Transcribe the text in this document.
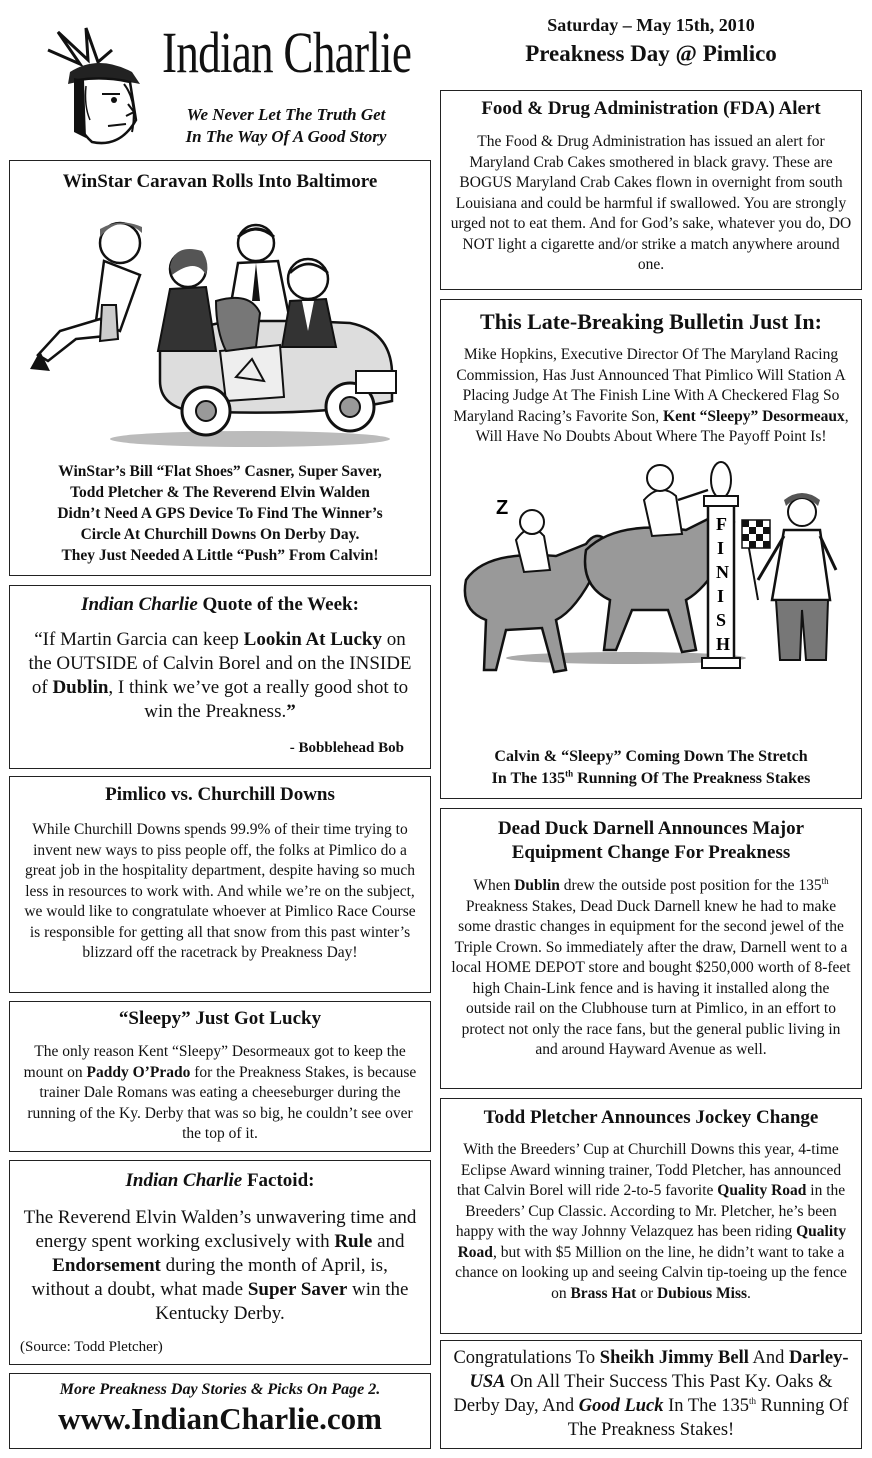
Indian Charlie
We Never Let The Truth Get
In The Way Of A Good Story
Saturday – May 15th, 2010
Preakness Day @ Pimlico
WinStar Caravan Rolls Into Baltimore
WinStar’s Bill “Flat Shoes” Casner, Super Saver,
Todd Pletcher & The Reverend Elvin Walden
Didn’t Need A GPS Device To Find The Winner’s
Circle At Churchill Downs On Derby Day.
They Just Needed A Little “Push” From Calvin!
Indian Charlie Quote of the Week:
“If Martin Garcia can keep Lookin At Lucky on the OUTSIDE of Calvin Borel and on the INSIDE of Dublin, I think we’ve got a really good shot to win the Preakness.”
- Bobblehead Bob
Pimlico vs. Churchill Downs
While Churchill Downs spends 99.9% of their time trying to invent new ways to piss people off, the folks at Pimlico do a great job in the hospitality department, despite having so much less in resources to work with. And while we’re on the subject, we would like to congratulate whoever at Pimlico Race Course is responsible for getting all that snow from this past winter’s blizzard off the racetrack by Preakness Day!
“Sleepy” Just Got Lucky
The only reason Kent “Sleepy” Desormeaux got to keep the mount on Paddy O’Prado for the Preakness Stakes, is because trainer Dale Romans was eating a cheeseburger during the running of the Ky. Derby that was so big, he couldn’t see over the top of it.
Indian Charlie Factoid:
The Reverend Elvin Walden’s unwavering time and energy spent working exclusively with Rule and Endorsement during the month of April, is, without a doubt, what made Super Saver win the Kentucky Derby.
(Source: Todd Pletcher)
More Preakness Day Stories & Picks On Page 2.
www.IndianCharlie.com
Food & Drug Administration (FDA) Alert
The Food & Drug Administration has issued an alert for Maryland Crab Cakes smothered in black gravy. These are BOGUS Maryland Crab Cakes flown in overnight from south Louisiana and could be harmful if swallowed. You are strongly urged not to eat them. And for God’s sake, whatever you do, DO NOT light a cigarette and/or strike a match anywhere around one.
This Late-Breaking Bulletin Just In:
Mike Hopkins, Executive Director Of The Maryland Racing Commission, Has Just Announced That Pimlico Will Station A Placing Judge At The Finish Line With A Checkered Flag So Maryland Racing’s Favorite Son, Kent “Sleepy” Desormeaux, Will Have No Doubts About Where The Payoff Point Is!
Z
F
I
N
I
S
H
Calvin & “Sleepy” Coming Down The Stretch
In The 135th Running Of The Preakness Stakes
Dead Duck Darnell Announces Major
Equipment Change For Preakness
When Dublin drew the outside post position for the 135th Preakness Stakes, Dead Duck Darnell knew he had to make some drastic changes in equipment for the second jewel of the Triple Crown. So immediately after the draw, Darnell went to a local HOME DEPOT store and bought $250,000 worth of 8-feet high Chain-Link fence and is having it installed along the outside rail on the Clubhouse turn at Pimlico, in an effort to protect not only the race fans, but the general public living in and around Hayward Avenue as well.
Todd Pletcher Announces Jockey Change
With the Breeders’ Cup at Churchill Downs this year, 4-time Eclipse Award winning trainer, Todd Pletcher, has announced that Calvin Borel will ride 2-to-5 favorite Quality Road in the Breeders’ Cup Classic. According to Mr. Pletcher, he’s been happy with the way Johnny Velazquez has been riding Quality Road, but with $5 Million on the line, he didn’t want to take a chance on looking up and seeing Calvin tip-toeing up the fence on Brass Hat or Dubious Miss.
Congratulations To Sheikh Jimmy Bell And Darley-USA On All Their Success This Past Ky. Oaks & Derby Day, And Good Luck In The 135th Running Of The Preakness Stakes!
